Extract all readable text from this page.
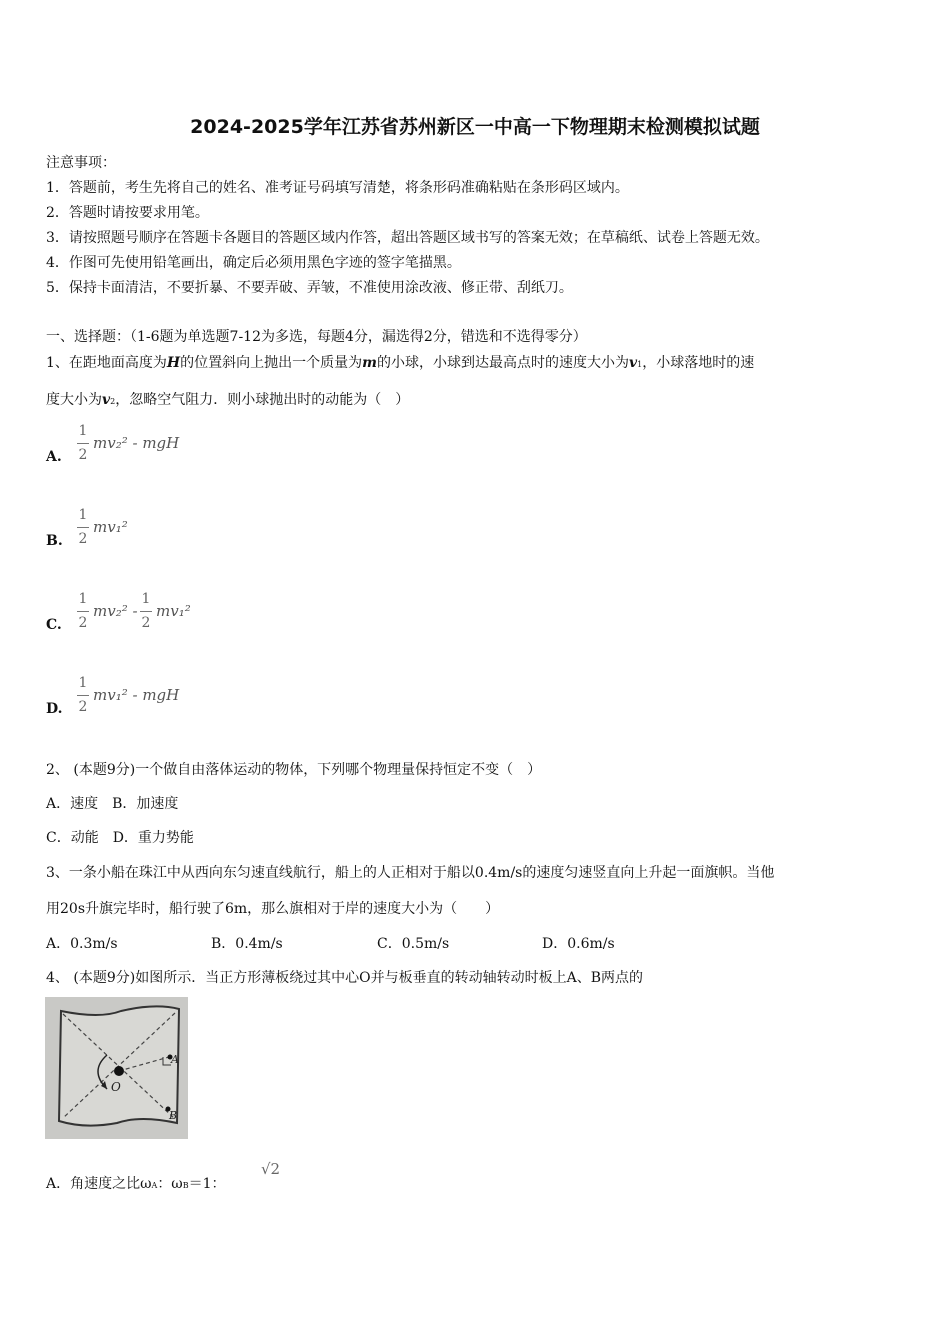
2024-2025学年江苏省苏州新区一中高一下物理期末检测模拟试题
注意事项：
1．答题前，考生先将自己的姓名、准考证号码填写清楚，将条形码准确粘贴在条形码区域内。
2．答题时请按要求用笔。
3．请按照题号顺序在答题卡各题目的答题区域内作答，超出答题区域书写的答案无效；在草稿纸、试卷上答题无效。
4．作图可先使用铅笔画出，确定后必须用黑色字迹的签字笔描黑。
5．保持卡面清洁，不要折暴、不要弄破、弄皱，不准使用涂改液、修正带、刮纸刀。
一、选择题：（1-6题为单选题7-12为多选，每题4分，漏选得2分，错选和不选得零分）
1、在距地面高度为H的位置斜向上抛出一个质量为m的小球，小球到达最高点时的速度大小为v1，小球落地时的速
度大小为v2，忽略空气阻力．则小球抛出时的动能为（　）
A.
1
2
mv₂² - mgH
B.
1
2
mv₁²
C.
1
2
mv₂² -
1
2
mv₁²
D.
1
2
mv₁² - mgH
2、 (本题9分)一个做自由落体运动的物体，下列哪个物理量保持恒定不变（　）
A．速度　B．加速度
C．动能　D．重力势能
3、一条小船在珠江中从西向东匀速直线航行，船上的人正相对于船以0.4m/s的速度匀速竖直向上升起一面旗帜。当他
用20s升旗完毕时，船行驶了6m，那么旗相对于岸的速度大小为（　　）
A．0.3m/s	B．0.4m/s	C．0.5m/s	D．0.6m/s
4、 (本题9分)如图所示．当正方形薄板绕过其中心O并与板垂直的转动轴转动时板上A、B两点的
O
A
B
A．角速度之比ωA：ωB＝1：
√2
